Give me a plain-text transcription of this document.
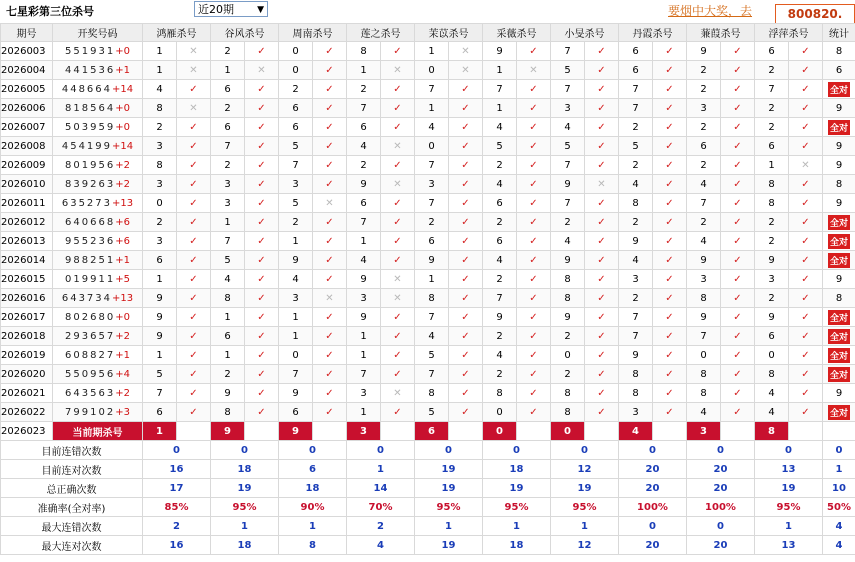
七星彩第三位杀号	近20期	▼	要烟中大奖，去	800820.
期号	开奖号码	鸿雁杀号		谷风杀号		周南杀号		莲之杀号		茉苡杀号		采薇杀号		小旻杀号		丹霞杀号		蒹葭杀号		浮萍杀号		统计
2026003	551931+0	1	✕	2	✓	0	✓	8	✓	1	✕	9	✓	7	✓	6	✓	9	✓	6	✓	8
2026004	441536+1	1	✕	1	✕	0	✓	1	✕	0	✕	1	✕	5	✓	6	✓	2	✓	2	✓	6
2026005	448664+14	4	✓	6	✓	2	✓	2	✓	7	✓	7	✓	7	✓	7	✓	2	✓	7	✓	全对
2026006	818564+0	8	✕	2	✓	6	✓	7	✓	1	✓	1	✓	3	✓	7	✓	3	✓	2	✓	9
2026007	503959+0	2	✓	6	✓	6	✓	6	✓	4	✓	4	✓	4	✓	2	✓	2	✓	2	✓	全对
2026008	454199+14	3	✓	7	✓	5	✓	4	✕	0	✓	5	✓	5	✓	5	✓	6	✓	6	✓	9
2026009	801956+2	8	✓	2	✓	7	✓	2	✓	7	✓	2	✓	7	✓	2	✓	2	✓	1	✕	9
2026010	839263+2	3	✓	3	✓	3	✓	9	✕	3	✓	4	✓	9	✕	4	✓	4	✓	8	✓	8
2026011	635273+13	0	✓	3	✓	5	✕	6	✓	7	✓	6	✓	7	✓	8	✓	7	✓	8	✓	9
2026012	640668+6	2	✓	1	✓	2	✓	7	✓	2	✓	2	✓	2	✓	2	✓	2	✓	2	✓	全对
2026013	955236+6	3	✓	7	✓	1	✓	1	✓	6	✓	6	✓	4	✓	9	✓	4	✓	2	✓	全对
2026014	988251+1	6	✓	5	✓	9	✓	4	✓	9	✓	4	✓	9	✓	4	✓	9	✓	9	✓	全对
2026015	019911+5	1	✓	4	✓	4	✓	9	✕	1	✓	2	✓	8	✓	3	✓	3	✓	3	✓	9
2026016	643734+13	9	✓	8	✓	3	✕	3	✕	8	✓	7	✓	8	✓	2	✓	8	✓	2	✓	8
2026017	802680+0	9	✓	1	✓	1	✓	9	✓	7	✓	9	✓	9	✓	7	✓	9	✓	9	✓	全对
2026018	293657+2	9	✓	6	✓	1	✓	1	✓	4	✓	2	✓	2	✓	7	✓	7	✓	6	✓	全对
2026019	608827+1	1	✓	1	✓	0	✓	1	✓	5	✓	4	✓	0	✓	9	✓	0	✓	0	✓	全对
2026020	550956+4	5	✓	2	✓	7	✓	7	✓	7	✓	2	✓	2	✓	8	✓	8	✓	8	✓	全对
2026021	643563+2	7	✓	9	✓	9	✓	3	✕	8	✓	8	✓	8	✓	8	✓	8	✓	4	✓	9
2026022	799102+3	6	✓	8	✓	6	✓	1	✓	5	✓	0	✓	8	✓	3	✓	4	✓	4	✓	全对
2026023	当前期杀号	1		9		9		3		6		0		0		4		3		8		
目前连错次数		0		0		0		0		0		0		0		0		0		0		0
目前连对次数		16		18		6		1		19		18		12		20		20		13		1
总正确次数		17		19		18		14		19		19		19		20		20		19		10
准确率(全对率)		85%		95%		90%		70%		95%		95%		95%		100%		100%		95%		50%
最大连错次数		2		1		1		2		1		1		1		0		0		1		4
最大连对次数		16		18		8		4		19		18		12		20		20		13		4
